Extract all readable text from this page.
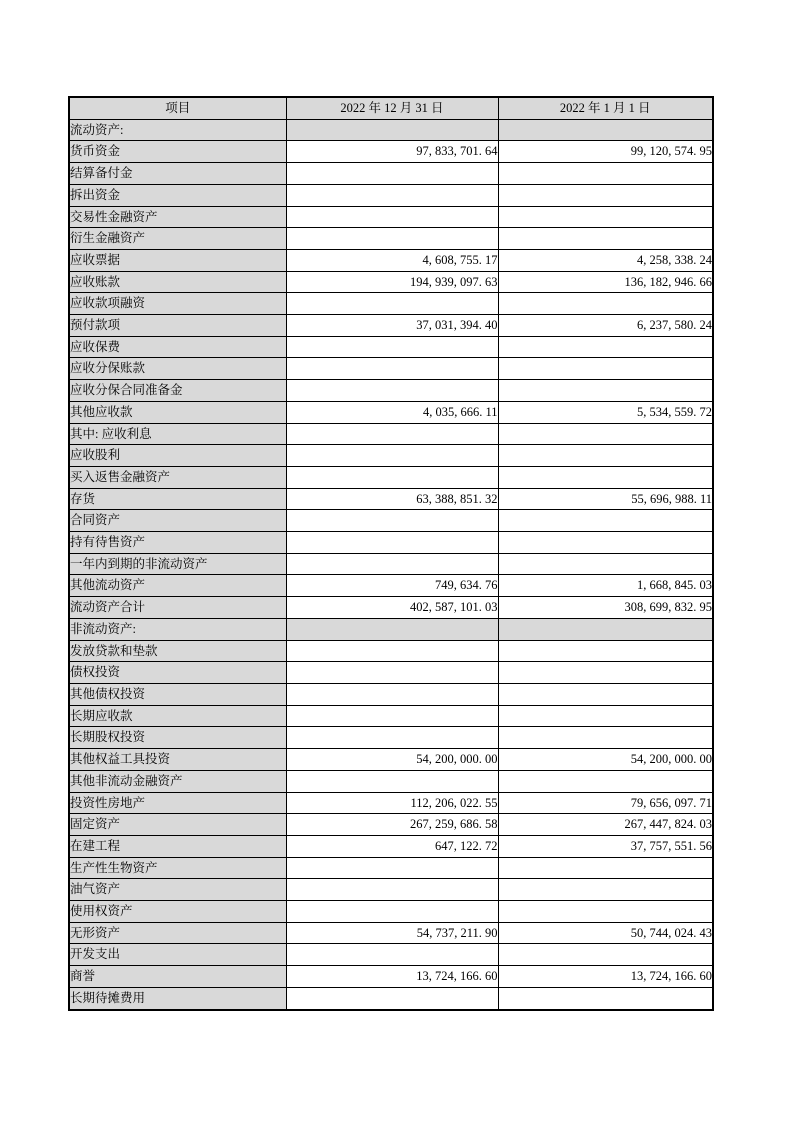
项目	2022 年 12 月 31 日	2022 年 1 月 1 日
流动资产:		
货币资金	97, 833, 701. 64	99, 120, 574. 95
结算备付金		
拆出资金		
交易性金融资产		
衍生金融资产		
应收票据	4, 608, 755. 17	4, 258, 338. 24
应收账款	194, 939, 097. 63	136, 182, 946. 66
应收款项融资		
预付款项	37, 031, 394. 40	6, 237, 580. 24
应收保费		
应收分保账款		
应收分保合同准备金		
其他应收款	4, 035, 666. 11	5, 534, 559. 72
其中: 应收利息		
应收股利		
买入返售金融资产		
存货	63, 388, 851. 32	55, 696, 988. 11
合同资产		
持有待售资产		
一年内到期的非流动资产		
其他流动资产	749, 634. 76	1, 668, 845. 03
流动资产合计	402, 587, 101. 03	308, 699, 832. 95
非流动资产:		
发放贷款和垫款		
债权投资		
其他债权投资		
长期应收款		
长期股权投资		
其他权益工具投资	54, 200, 000. 00	54, 200, 000. 00
其他非流动金融资产		
投资性房地产	112, 206, 022. 55	79, 656, 097. 71
固定资产	267, 259, 686. 58	267, 447, 824. 03
在建工程	647, 122. 72	37, 757, 551. 56
生产性生物资产		
油气资产		
使用权资产		
无形资产	54, 737, 211. 90	50, 744, 024. 43
开发支出		
商誉	13, 724, 166. 60	13, 724, 166. 60
长期待摊费用		
